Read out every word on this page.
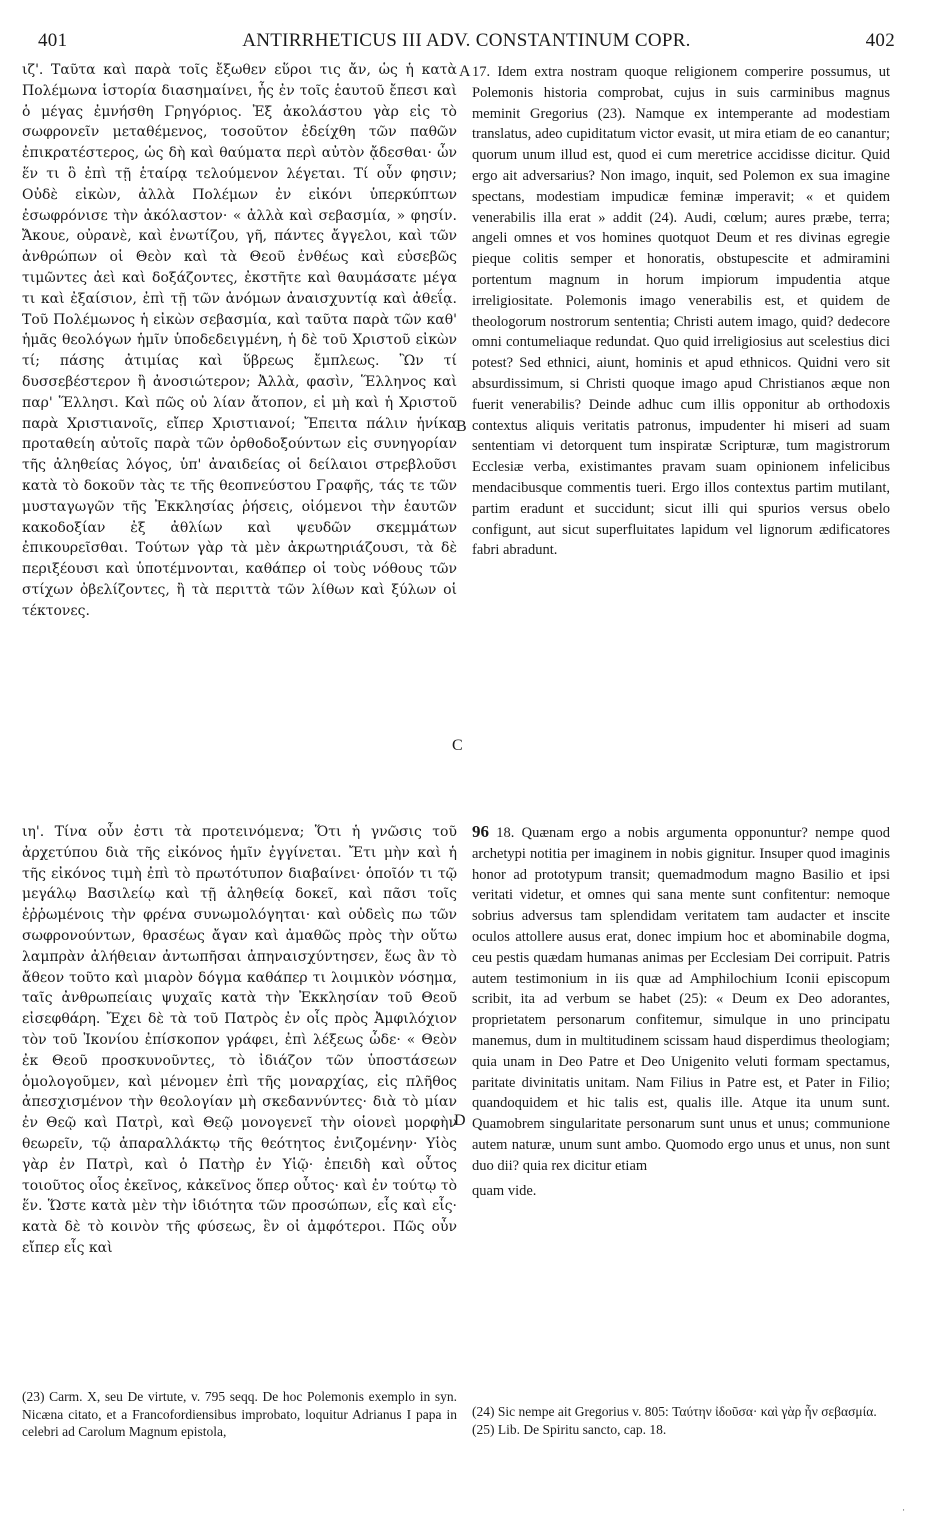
401	ANTIRRHETICUS III ADV. CONSTANTINUM COPR.	402

ιζ'. Ταῦτα καὶ παρὰ τοῖς ἔξωθεν εὕροι τις ἄν, ὡς ἡ κατὰ Πολέμωνα ἱστορία διασημαίνει, ἧς ἐν τοῖς ἑαυτοῦ ἔπεσι καὶ ὁ μέγας ἐμνήσθη Γρηγόριος. Ἐξ ἀκολάστου γὰρ εἰς τὸ σωφρονεῖν μεταθέμενος, τοσοῦτον ἐδείχθη τῶν παθῶν ἐπικρατέστερος, ὡς δὴ καὶ θαύματα περὶ αὐτὸν ᾄδεσθαι· ὧν ἕν τι ὃ ἐπὶ τῇ ἑταίρᾳ τελούμενον λέγεται. Τί οὖν φησιν; Οὐδὲ εἰκὼν, ἀλλὰ Πολέμων ἐν εἰκόνι ὑπερκύπτων ἐσωφρόνισε τὴν ἀκόλαστον· « ἀλλὰ καὶ σεβασμία, » φησίν. Ἄκουε, οὐρανὲ, καὶ ἐνωτίζου, γῆ, πάντες ἄγγελοι, καὶ τῶν ἀνθρώπων οἱ Θεὸν καὶ τὰ Θεοῦ ἐνθέως καὶ εὐσεβῶς τιμῶντες ἀεὶ καὶ δοξάζοντες, ἐκστῆτε καὶ θαυμάσατε μέγα τι καὶ ἐξαίσιον, ἐπὶ τῇ τῶν ἀνόμων ἀναισχυντίᾳ καὶ ἀθεΐᾳ. Τοῦ Πολέμωνος ἡ εἰκὼν σεβασμία, καὶ ταῦτα παρὰ τῶν καθ' ἡμᾶς θεολόγων ἡμῖν ὑποδεδειγμένη, ἡ δὲ τοῦ Χριστοῦ εἰκὼν τί; πάσης ἀτιμίας καὶ ὕβρεως ἔμπλεως. Ὢν τί δυσσεβέστερον ἢ ἀνοσιώτερον; Ἀλλὰ, φασὶν, Ἕλληνος καὶ παρ' Ἕλλησι. Καὶ πῶς οὐ λίαν ἄτοπον, εἰ μὴ καὶ ἡ Χριστοῦ παρὰ Χριστιανοῖς, εἴπερ Χριστιανοί; Ἔπειτα πάλιν ἡνίκα προταθείη αὐτοῖς παρὰ τῶν ὀρθοδοξούντων εἰς συνηγορίαν τῆς ἀληθείας λόγος, ὑπ' ἀναιδείας οἱ δείλαιοι στρεβλοῦσι κατὰ τὸ δοκοῦν τὰς τε τῆς θεοπνεύστου Γραφῆς, τάς τε τῶν μυσταγωγῶν τῆς Ἐκκλησίας ῥήσεις, οἰόμενοι τὴν ἑαυτῶν κακοδοξίαν ἐξ ἀθλίων καὶ ψευδῶν σκεμμάτων ἐπικουρεῖσθαι. Τούτων γὰρ τὰ μὲν ἀκρωτηριάζουσι, τὰ δὲ περιξέουσι καὶ ὑποτέμνονται, καθάπερ οἱ τοὺς νόθους τῶν στίχων ὀβελίζοντες, ἢ τὰ περιττὰ τῶν λίθων καὶ ξύλων οἱ τέκτονες.

ιη'. Τίνα οὖν ἐστι τὰ προτεινόμενα; Ὅτι ἡ γνῶσις τοῦ ἀρχετύπου διὰ τῆς εἰκόνος ἡμῖν ἐγγίνεται. Ἔτι μὴν καὶ ἡ τῆς εἰκόνος τιμὴ ἐπὶ τὸ πρωτότυπον διαβαίνει· ὁποῖόν τι τῷ μεγάλῳ Βασιλείῳ καὶ τῇ ἀληθείᾳ δοκεῖ, καὶ πᾶσι τοῖς ἐῤῥωμένοις τὴν φρένα συνωμολόγηται· καὶ οὐδεὶς πω τῶν σωφρονούντων, θρασέως ἄγαν καὶ ἀμαθῶς πρὸς τὴν οὕτω λαμπρὰν ἀλήθειαν ἀντωπῆσαι ἀπηναισχύντησεν, ἕως ἂν τὸ ἄθεον τοῦτο καὶ μιαρὸν δόγμα καθάπερ τι λοιμικὸν νόσημα, ταῖς ἀνθρωπείαις ψυχαῖς κατὰ τὴν Ἐκκλησίαν τοῦ Θεοῦ εἰσεφθάρη. Ἔχει δὲ τὰ τοῦ Πατρὸς ἐν οἷς πρὸς Ἀμφιλόχιον τὸν τοῦ Ἰκονίου ἐπίσκοπον γράφει, ἐπὶ λέξεως ὧδε· « Θεὸν ἐκ Θεοῦ προσκυνοῦντες, τὸ ἰδιάζον τῶν ὑποστάσεων ὁμολογοῦμεν, καὶ μένομεν ἐπὶ τῆς μοναρχίας, εἰς πλῆθος ἀπεσχισμένον τὴν θεολογίαν μὴ σκεδαννύντες· διὰ τὸ μίαν ἐν Θεῷ καὶ Πατρὶ, καὶ Θεῷ μονογενεῖ τὴν οἱονεὶ μορφὴν θεωρεῖν, τῷ ἀπαραλλάκτῳ τῆς θεότητος ἐνιζομένην· Υἱὸς γὰρ ἐν Πατρὶ, καὶ ὁ Πατὴρ ἐν Υἱῷ· ἐπειδὴ καὶ οὗτος τοιοῦτος οἷος ἐκεῖνος, κἀκεῖνος ὅπερ οὗτος· καὶ ἐν τούτῳ τὸ ἕν. Ὥστε κατὰ μὲν τὴν ἰδιότητα τῶν προσώπων, εἷς καὶ εἷς· κατὰ δὲ τὸ κοινὸν τῆς φύσεως, ἓν οἱ ἀμφότεροι. Πῶς οὖν εἴπερ εἷς καὶ

17. Idem extra nostram quoque religionem comperire possumus, ut Polemonis historia comprobat, cujus in suis carminibus magnus meminit Gregorius (23). Namque ex intemperante ad modestiam translatus, adeo cupiditatum victor evasit, ut mira etiam de eo canantur; quorum unum illud est, quod ei cum meretrice accidisse dicitur. Quid ergo ait adversarius? Non imago, inquit, sed Polemon ex sua imagine spectans, modestiam impudicæ feminæ imperavit; « et quidem venerabilis illa erat » addit (24). Audi, cœlum; aures præbe, terra; angeli omnes et vos homines quotquot Deum et res divinas egregie pieque colitis semper et honoratis, obstupescite et admiramini portentum magnum in horum impiorum impudentia atque irreligiositate. Polemonis imago venerabilis est, et quidem de theologorum nostrorum sententia; Christi autem imago, quid? dedecore omni contumeliaque redundat. Quo quid irreligiosius aut scelestius dici potest? Sed ethnici, aiunt, hominis et apud ethnicos. Quidni vero sit absurdissimum, si Christi quoque imago apud Christianos æque non fuerit venerabilis? Deinde adhuc cum illis opponitur ab orthodoxis contextus aliquis veritatis patronus, impudenter hi miseri ad suam sententiam vi detorquent tum inspiratæ Scripturæ, tum magistrorum Ecclesiæ verba, existimantes pravam suam opinionem infelicibus mendacibusque commentis tueri. Ergo illos contextus partim mutilant, partim eradunt et succidunt; sicut illi qui spurios versus obelo configunt, aut sicut superfluitates lapidum vel lignorum ædificatores fabri abradunt.

96 18. Quænam ergo a nobis argumenta opponuntur? nempe quod archetypi notitia per imaginem in nobis gignitur. Insuper quod imaginis honor ad prototypum transit; quemadmodum magno Basilio et ipsi veritati videtur, et omnes qui sana mente sunt confitentur: nemoque sobrius adversus tam splendidam veritatem tam audacter et inscite oculos attollere ausus erat, donec impium hoc et abominabile dogma, ceu pestis quædam humanas animas per Ecclesiam Dei corripuit. Patris autem testimonium in iis quæ ad Amphilochium Iconii episcopum scribit, ita ad verbum se habet (25): « Deum ex Deo adorantes, proprietatem personarum confitemur, simulque in uno principatu manemus, dum in multitudinem scissam haud disperdimus theologiam; quia unam in Deo Patre et Deo Unigenito veluti formam spectamus, paritate divinitatis unitam. Nam Filius in Patre est, et Pater in Filio; quandoquidem et hic talis est, qualis ille. Atque ita unum sunt. Quamobrem singularitate personarum sunt unus et unus; communione autem naturæ, unum sunt ambo. Quomodo ergo unus et unus, non sunt duo dii? quia rex dicitur etiam

quam vide.

A
B
C
D

(23) Carm. X, seu De virtute, v. 795 seqq. De hoc Polemonis exemplo in syn. Nicæna citato, et a Francofordiensibus improbato, loquitur Adrianus I papa in celebri ad Carolum Magnum epistola,

(24) Sic nempe ait Gregorius v. 805: Ταύτην ἰδοῦσα· καὶ γὰρ ἦν σεβασμία.

(25) Lib. De Spiritu sancto, cap. 18.

·
